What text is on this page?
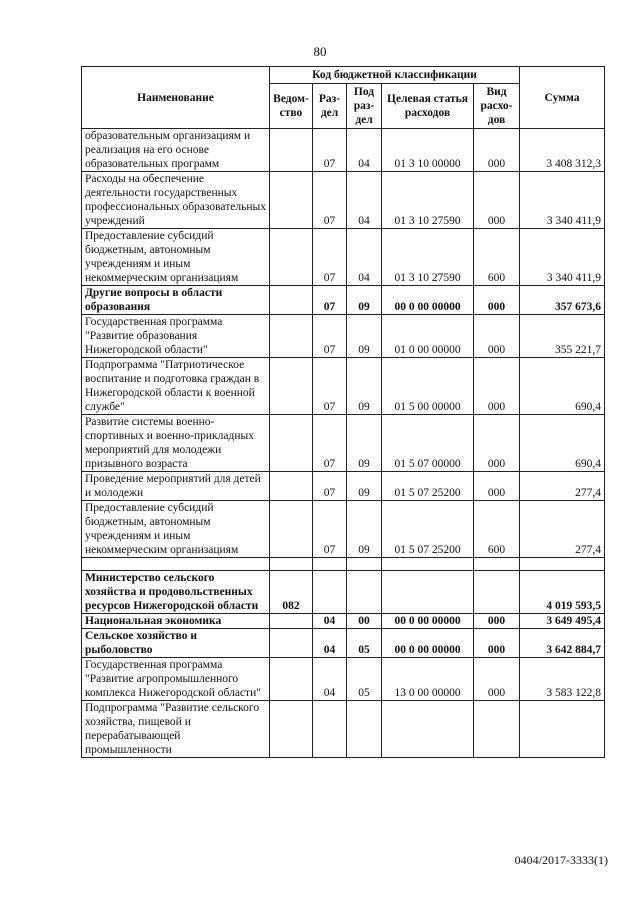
80
Наименование	Код бюджетной классификации					Сумма
	Ведом-ство	Раз-дел	Под раз-дел	Целевая статья расходов	Вид расхо-дов	
образовательным организациям и реализация на его основе образовательных программ		07	04	01 3 10 00000	000	3 408 312,3
Расходы на обеспечение деятельности государственных профессиональных образовательных учреждений		07	04	01 3 10 27590	000	3 340 411,9
Предоставление субсидий бюджетным, автономным учреждениям и иным некоммерческим организациям		07	04	01 3 10 27590	600	3 340 411,9
Другие вопросы в области образования		07	09	00 0 00 00000	000	357 673,6
Государственная программа "Развитие образования Нижегородской области"		07	09	01 0 00 00000	000	355 221,7
Подпрограмма "Патриотическое воспитание и подготовка граждан в Нижегородской области к военной службе"		07	09	01 5 00 00000	000	690,4
Развитие системы военно-спортивных и военно-прикладных мероприятий для молодежи призывного возраста		07	09	01 5 07 00000	000	690,4
Проведение мероприятий для детей и молодежи		07	09	01 5 07 25200	000	277,4
Предоставление субсидий бюджетным, автономным учреждениям и иным некоммерческим организациям		07	09	01 5 07 25200	600	277,4

Министерство сельского хозяйства и продовольственных ресурсов Нижегородской области	082					4 019 593,5
Национальная экономика		04	00	00 0 00 00000	000	3 649 495,4
Сельское хозяйство и рыболовство		04	05	00 0 00 00000	000	3 642 884,7
Государственная программа "Развитие агропромышленного комплекса Нижегородской области"		04	05	13 0 00 00000	000	3 583 122,8
Подпрограмма "Развитие сельского хозяйства, пищевой и перерабатывающей промышленности						
0404/2017-3333(1)
